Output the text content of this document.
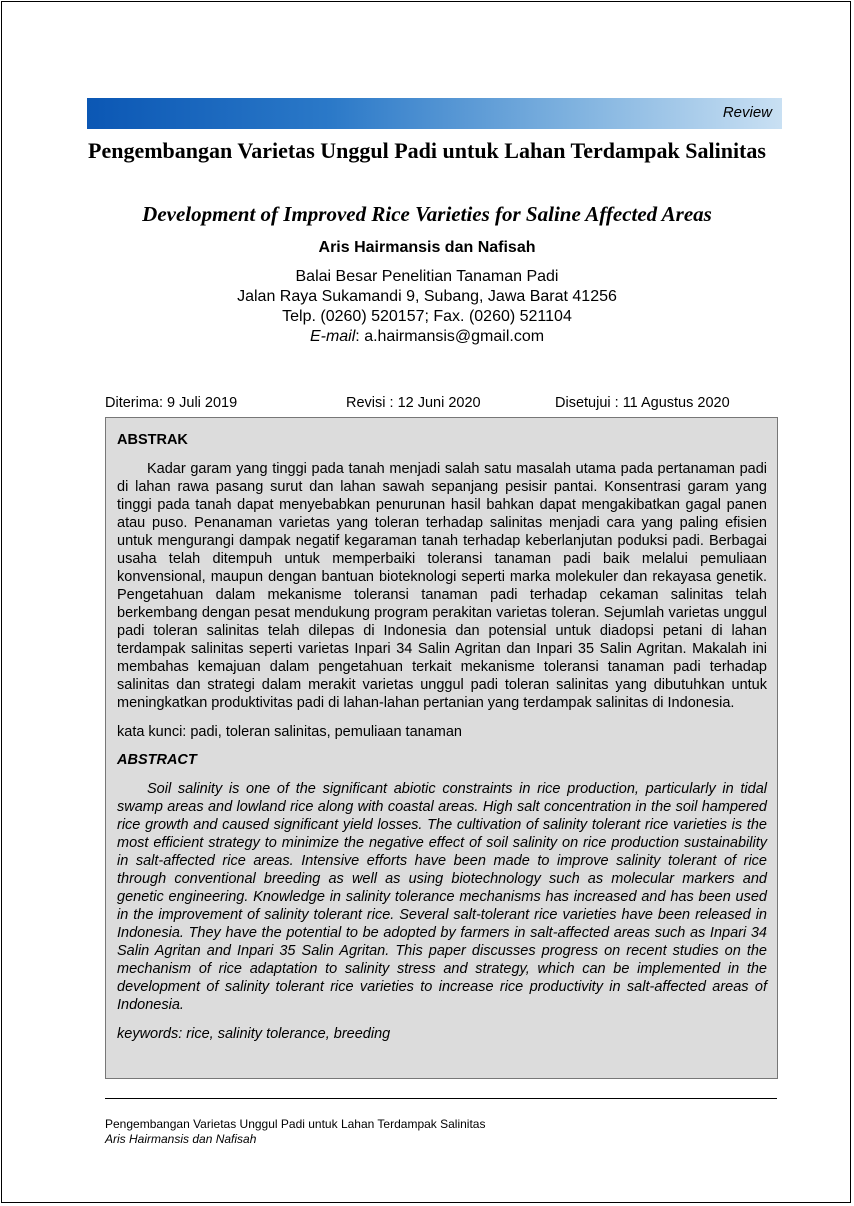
Review
Pengembangan Varietas Unggul Padi untuk Lahan Terdampak Salinitas
Development of Improved Rice Varieties for Saline Affected Areas
Aris Hairmansis dan Nafisah
Balai Besar Penelitian Tanaman Padi
Jalan Raya Sukamandi 9, Subang, Jawa Barat 41256
Telp. (0260) 520157; Fax. (0260) 521104
E-mail: a.hairmansis@gmail.com
Diterima: 9 Juli 2019	Revisi : 12 Juni 2020	Disetujui : 11 Agustus 2020
ABSTRAK

Kadar garam yang tinggi pada tanah menjadi salah satu masalah utama pada pertanaman padi di lahan rawa pasang surut dan lahan sawah sepanjang pesisir pantai. Konsentrasi garam yang tinggi pada tanah dapat menyebabkan penurunan hasil bahkan dapat mengakibatkan gagal panen atau puso. Penanaman varietas yang toleran terhadap salinitas menjadi cara yang paling efisien untuk mengurangi dampak negatif kegaraman tanah terhadap keberlanjutan poduksi padi. Berbagai usaha telah ditempuh untuk memperbaiki toleransi tanaman padi baik melalui pemuliaan konvensional, maupun dengan bantuan bioteknologi seperti marka molekuler dan rekayasa genetik. Pengetahuan dalam mekanisme toleransi tanaman padi terhadap cekaman salinitas telah berkembang dengan pesat mendukung program perakitan varietas toleran. Sejumlah varietas unggul padi toleran salinitas telah dilepas di Indonesia dan potensial untuk diadopsi petani di lahan terdampak salinitas seperti varietas Inpari 34 Salin Agritan dan Inpari 35 Salin Agritan. Makalah ini membahas kemajuan dalam pengetahuan terkait mekanisme toleransi tanaman padi terhadap salinitas dan strategi dalam merakit varietas unggul padi toleran salinitas yang dibutuhkan untuk meningkatkan produktivitas padi di lahan-lahan pertanian yang terdampak salinitas di Indonesia.

kata kunci: padi, toleran salinitas, pemuliaan tanaman
ABSTRACT

Soil salinity is one of the significant abiotic constraints in rice production, particularly in tidal swamp areas and lowland rice along with coastal areas. High salt concentration in the soil hampered rice growth and caused significant yield losses. The cultivation of salinity tolerant rice varieties is the most efficient strategy to minimize the negative effect of soil salinity on rice production sustainability in salt-affected rice areas. Intensive efforts have been made to improve salinity tolerant of rice through conventional breeding as well as using biotechnology such as molecular markers and genetic engineering. Knowledge in salinity tolerance mechanisms has increased and has been used in the improvement of salinity tolerant rice. Several salt-tolerant rice varieties have been released in Indonesia. They have the potential to be adopted by farmers in salt-affected areas such as Inpari 34 Salin Agritan and Inpari 35 Salin Agritan. This paper discusses progress on recent studies on the mechanism of rice adaptation to salinity stress and strategy, which can be implemented in the development of salinity tolerant rice varieties to increase rice productivity in salt-affected areas of Indonesia.

keywords: rice, salinity tolerance, breeding
Pengembangan Varietas Unggul Padi untuk Lahan Terdampak Salinitas
Aris Hairmansis dan Nafisah
